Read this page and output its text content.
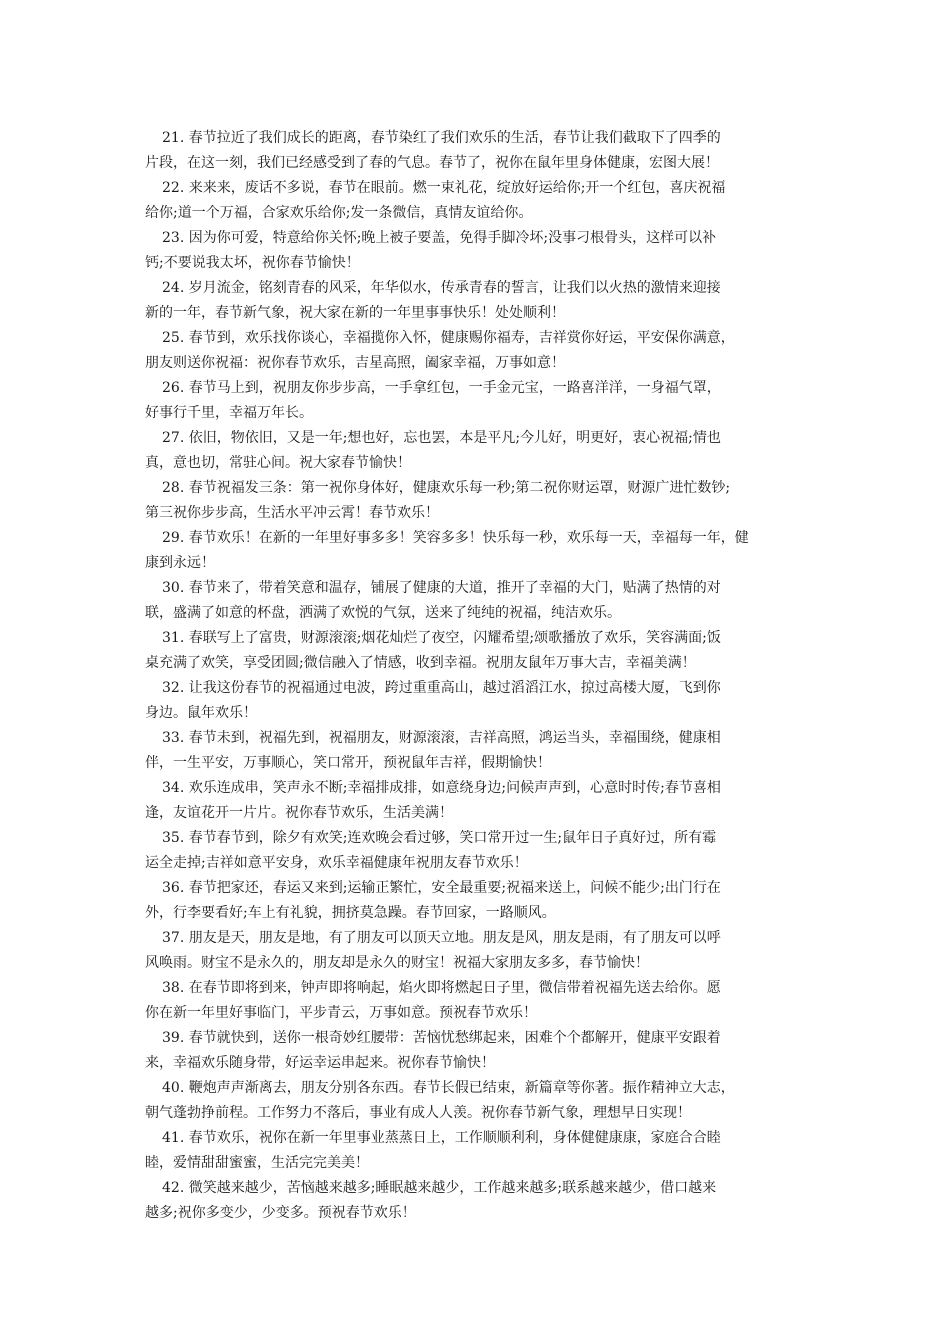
21. 春节拉近了我们成长的距离，春节染红了我们欢乐的生活，春节让我们截取下了四季的
片段，在这一刻，我们已经感受到了春的气息。春节了，祝你在鼠年里身体健康，宏图大展！
22. 来来来，废话不多说，春节在眼前。燃一束礼花，绽放好运给你;开一个红包，喜庆祝福
给你;道一个万福，合家欢乐给你;发一条微信，真情友谊给你。
23. 因为你可爱，特意给你关怀;晚上被子要盖，免得手脚冷坏;没事刁根骨头，这样可以补
钙;不要说我太坏，祝你春节愉快！
24. 岁月流金，铭刻青春的风采，年华似水，传承青春的誓言，让我们以火热的激情来迎接
新的一年，春节新气象，祝大家在新的一年里事事快乐！处处顺利！
25. 春节到，欢乐找你谈心，幸福揽你入怀，健康赐你福寿，吉祥赏你好运，平安保你满意，
朋友则送你祝福：祝你春节欢乐，吉星高照，阖家幸福，万事如意！
26. 春节马上到，祝朋友你步步高，一手拿红包，一手金元宝，一路喜洋洋，一身福气罩，
好事行千里，幸福万年长。
27. 依旧，物依旧，又是一年;想也好，忘也罢，本是平凡;今儿好，明更好，衷心祝福;情也
真，意也切，常驻心间。祝大家春节愉快！
28. 春节祝福发三条：第一祝你身体好，健康欢乐每一秒;第二祝你财运罩，财源广进忙数钞;
第三祝你步步高，生活水平冲云霄！春节欢乐！
29. 春节欢乐！在新的一年里好事多多！笑容多多！快乐每一秒，欢乐每一天，幸福每一年，健
康到永远！
30. 春节来了，带着笑意和温存，铺展了健康的大道，推开了幸福的大门，贴满了热情的对
联，盛满了如意的杯盘，洒满了欢悦的气氛，送来了纯纯的祝福，纯洁欢乐。
31. 春联写上了富贵，财源滚滚;烟花灿烂了夜空，闪耀希望;颂歌播放了欢乐，笑容满面;饭
桌充满了欢笑，享受团圆;微信融入了情感，收到幸福。祝朋友鼠年万事大吉，幸福美满！
32. 让我这份春节的祝福通过电波，跨过重重高山，越过滔滔江水，掠过高楼大厦，飞到你
身边。鼠年欢乐！
33. 春节未到，祝福先到，祝福朋友，财源滚滚，吉祥高照，鸿运当头，幸福围绕，健康相
伴，一生平安，万事顺心，笑口常开，预祝鼠年吉祥，假期愉快！
34. 欢乐连成串，笑声永不断;幸福排成排，如意绕身边;问候声声到，心意时时传;春节喜相
逢，友谊花开一片片。祝你春节欢乐，生活美满！
35. 春节春节到，除夕有欢笑;连欢晚会看过够，笑口常开过一生;鼠年日子真好过，所有霉
运全走掉;吉祥如意平安身，欢乐幸福健康年祝朋友春节欢乐！
36. 春节把家还，春运又来到;运输正繁忙，安全最重要;祝福来送上，问候不能少;出门行在
外，行李要看好;车上有礼貌，拥挤莫急躁。春节回家，一路顺风。
37. 朋友是天，朋友是地，有了朋友可以顶天立地。朋友是风，朋友是雨，有了朋友可以呼
风唤雨。财宝不是永久的，朋友却是永久的财宝！祝福大家朋友多多，春节愉快！
38. 在春节即将到来，钟声即将响起，焰火即将燃起日子里，微信带着祝福先送去给你。愿
你在新一年里好事临门，平步青云，万事如意。预祝春节欢乐！
39. 春节就快到，送你一根奇妙红腰带：苦恼忧愁绑起来，困难个个都解开，健康平安跟着
来，幸福欢乐随身带，好运幸运串起来。祝你春节愉快！
40. 鞭炮声声渐离去，朋友分别各东西。春节长假已结束，新篇章等你著。振作精神立大志，
朝气蓬勃挣前程。工作努力不落后，事业有成人人羡。祝你春节新气象，理想早日实现！
41. 春节欢乐，祝你在新一年里事业蒸蒸日上，工作顺顺利利，身体健健康康，家庭合合睦
睦，爱情甜甜蜜蜜，生活完完美美！
42. 微笑越来越少，苦恼越来越多;睡眠越来越少，工作越来越多;联系越来越少，借口越来
越多;祝你多变少，少变多。预祝春节欢乐！
